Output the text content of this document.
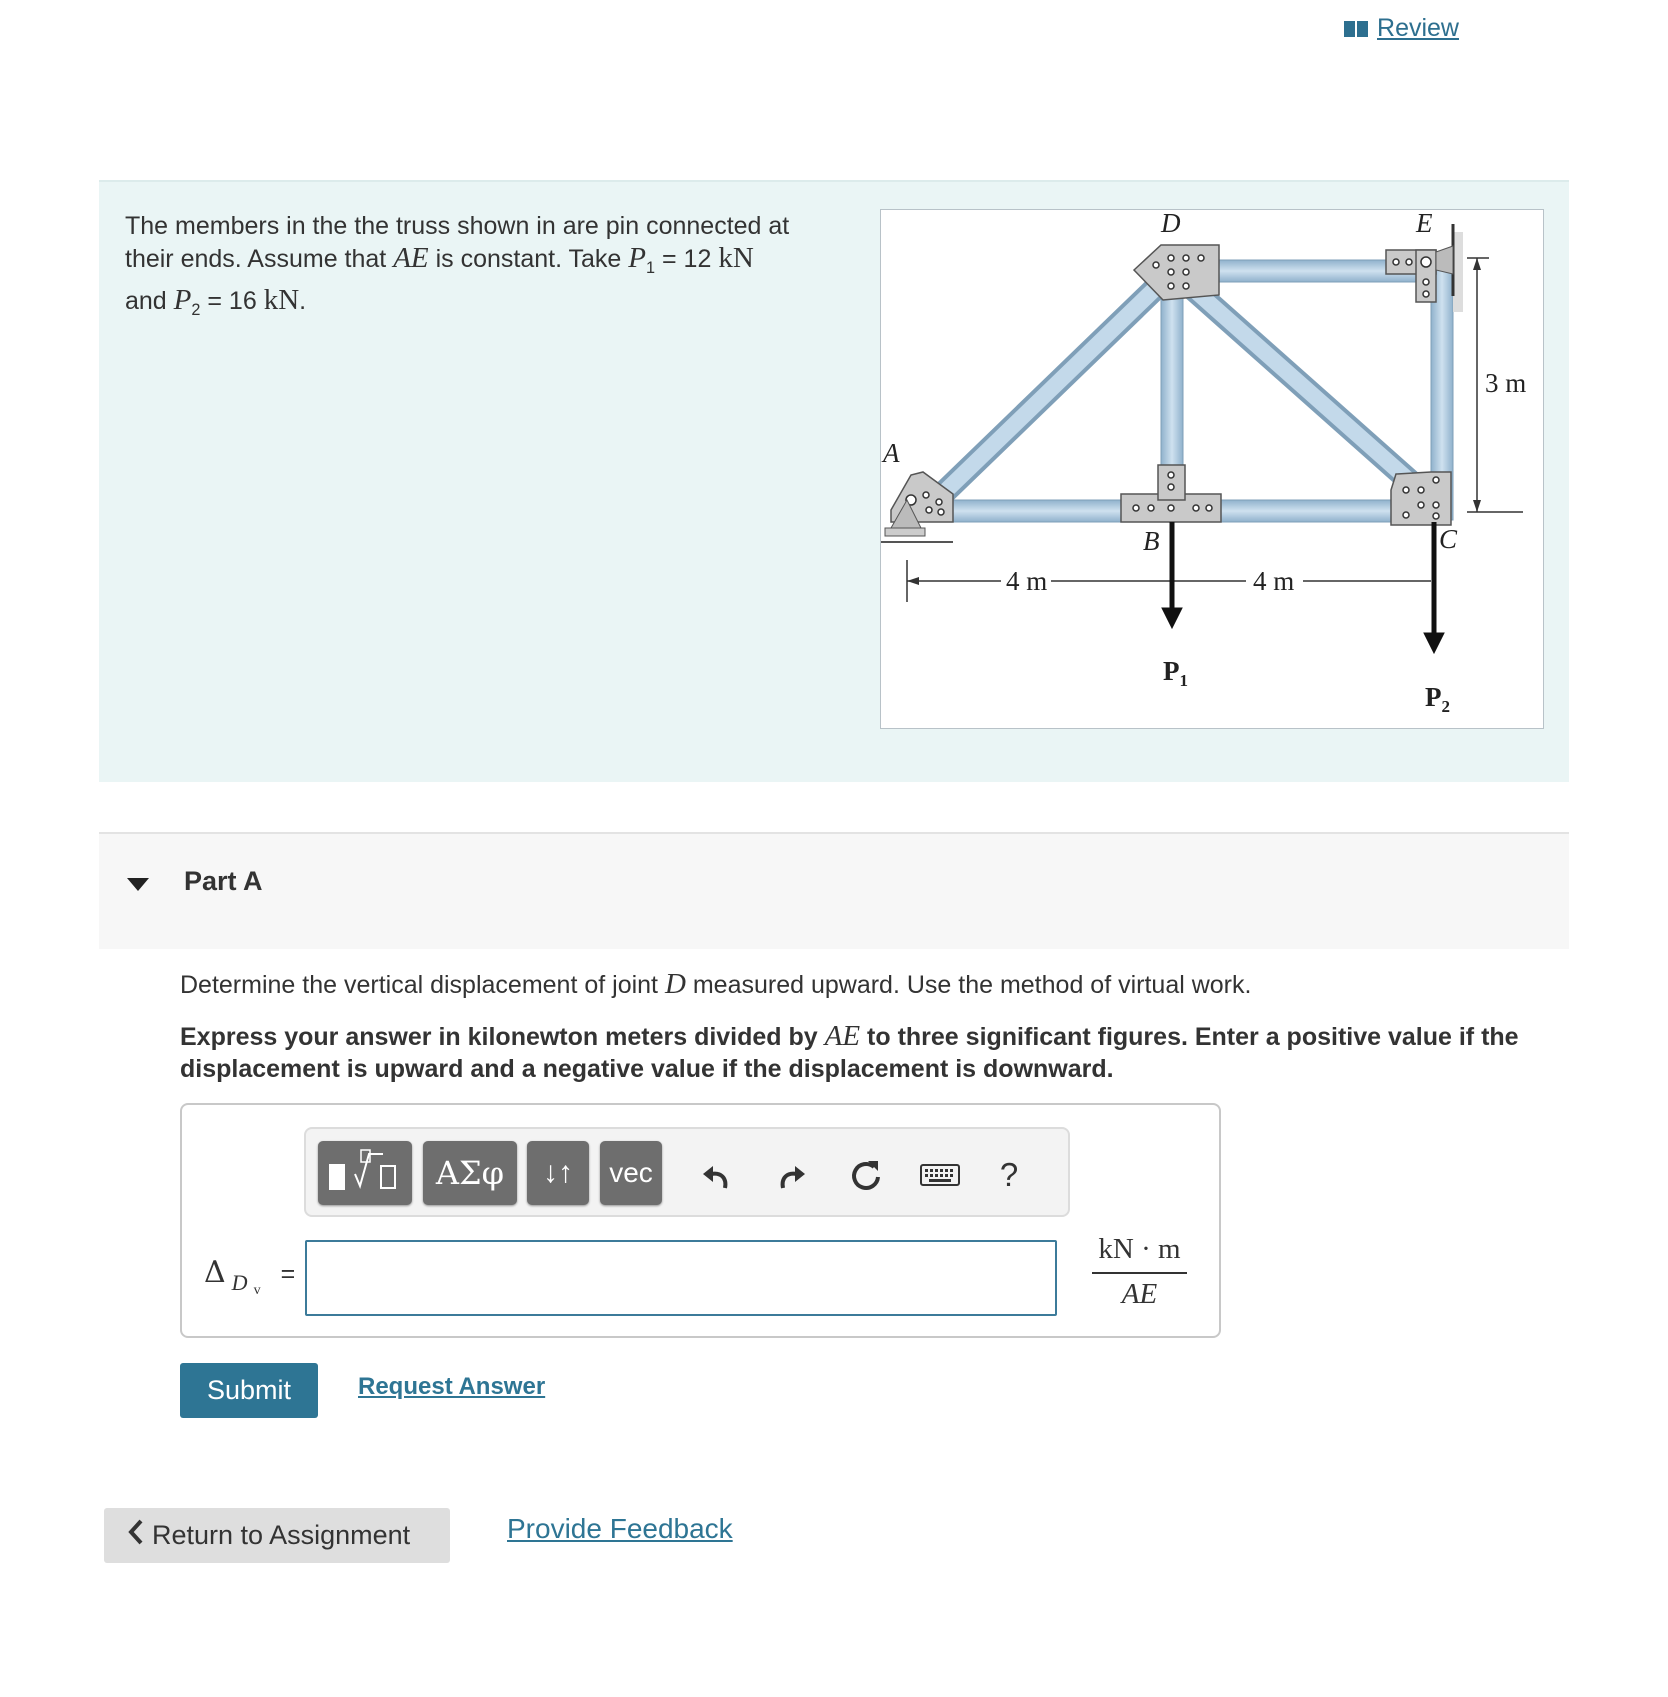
Review
The members in the the truss shown in are pin connected at their ends. Assume that AE is constant. Take $P_1 = 12$ kN
and $P_2 = 16$ kN.
A
B	C
D	E
4 m	4 m
3 m
$P_1$
$P_2$
Part A
Determine the vertical displacement of joint D measured upward. Use the method of virtual work.
Express your answer in kilonewton meters divided by AE to three significant figures. Enter a positive value if the displacement is upward and a negative value if the displacement is downward.
ΑΣφ ↓↑ vec	?
Δ D v
=	$\frac{kN \cdot m}{AE}$
Submit	Request Answer
Return to Assignment	Provide Feedback
